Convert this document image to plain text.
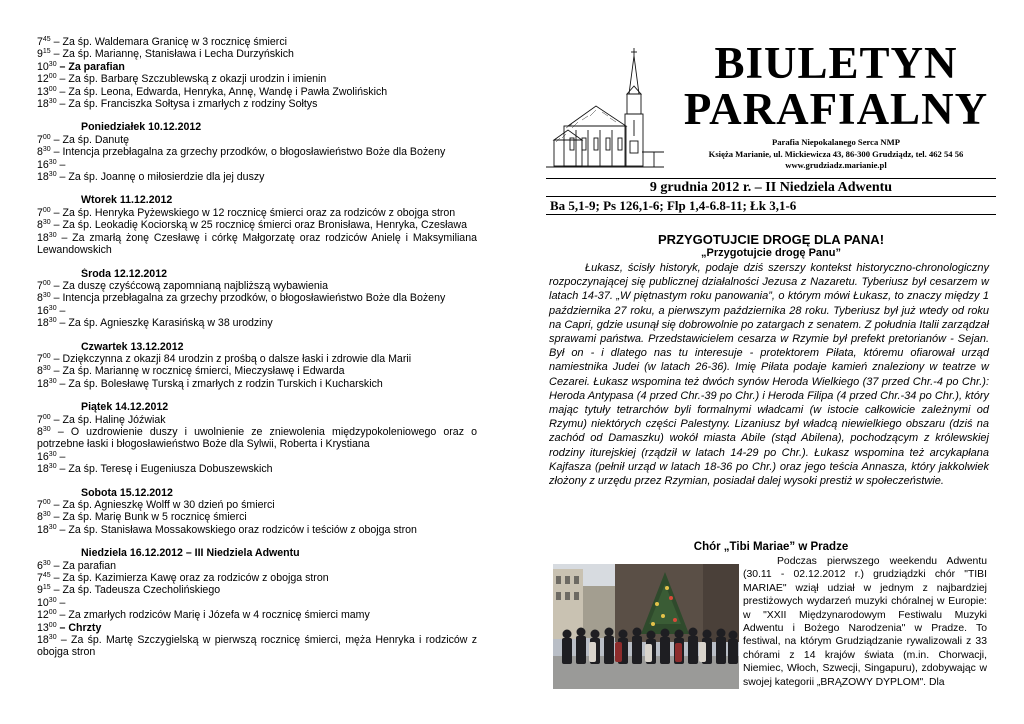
$7^{45}$ – Za śp. Waldemara Granicę w 3 rocznicę śmierci
$9^{15}$ – Za śp. Mariannę, Stanisława i Lecha Durzyńskich
$10^{30}$ – Za parafian
$12^{00}$ – Za śp. Barbarę Szczublewską z okazji urodzin i imienin
$13^{00}$ – Za śp. Leona, Edwarda, Henryka, Annę, Wandę i Pawła Zwolińskich
$18^{30}$ – Za śp. Franciszka Sołtysa i zmarłych z rodziny Sołtys
Poniedziałek 10.12.2012
$7^{00}$ – Za śp. Danutę
$8^{30}$ – Intencja przebłagalna za grzechy przodków, o błogosławieństwo Boże dla Bożeny
$16^{30}$ –
$18^{30}$ – Za śp. Joannę o miłosierdzie dla jej duszy
Wtorek 11.12.2012
$7^{00}$ – Za śp. Henryka Pyżewskiego w 12 rocznicę śmierci oraz za rodziców z obojga stron
$8^{30}$ – Za śp. Leokadię Kociorską w 25 rocznicę śmierci oraz Bronisława, Henryka, Czesława
$18^{30}$ – Za zmarłą żonę Czesławę i córkę Małgorzatę oraz rodziców Anielę i Maksymiliana Lewandowskich
Środa 12.12.2012
$7^{00}$ – Za duszę czyśćcową zapomnianą najbliższą wybawienia
$8^{30}$ – Intencja przebłagalna za grzechy przodków, o błogosławieństwo Boże dla Bożeny
$16^{30}$ –
$18^{30}$ – Za śp. Agnieszkę Karasińską w 38 urodziny
Czwartek 13.12.2012
$7^{00}$ – Dziękczynna z okazji 84 urodzin z prośbą o dalsze łaski i zdrowie dla Marii
$8^{30}$ – Za śp. Mariannę w rocznicę śmierci, Mieczysławę i Edwarda
$18^{30}$ – Za śp. Bolesławę Turską i zmarłych z rodzin Turskich i Kucharskich
Piątek 14.12.2012
$7^{00}$ – Za śp. Halinę Jóźwiak
$8^{30}$ – O uzdrowienie duszy i uwolnienie ze zniewolenia międzypokoleniowego oraz o potrzebne łaski i błogosławieństwo Boże dla Sylwii, Roberta i Krystiana
$16^{30}$ –
$18^{30}$ – Za śp. Teresę i Eugeniusza Dobuszewskich
Sobota 15.12.2012
$7^{00}$ – Za śp. Agnieszkę Wolff w 30 dzień po śmierci
$8^{30}$ – Za śp. Marię Bunk w 5 rocznicę śmierci
$18^{30}$ – Za śp. Stanisława Mossakowskiego oraz rodziców i teściów z obojga stron
Niedziela 16.12.2012 – III Niedziela Adwentu
$6^{30}$ – Za parafian
$7^{45}$ – Za śp. Kazimierza Kawę oraz za rodziców z obojga stron
$9^{15}$ – Za śp. Tadeusza Czecholińskiego
$10^{30}$ –
$12^{00}$ – Za zmarłych rodziców Marię i Józefa w 4 rocznicę śmierci mamy
$13^{00}$ – Chrzty
$18^{30}$ – Za śp. Martę Szczygielską w pierwszą rocznicę śmierci, męża Henryka i rodziców z obojga stron
BIULETYN
PARAFIALNY
Parafia Niepokalanego Serca NMP
Księża Marianie, ul. Mickiewicza 43, 86-300 Grudziądz, tel. 462 54 56
www.grudziadz.marianie.pl
9 grudnia 2012 r. – II Niedziela Adwentu
Ba 5,1-9; Ps 126,1-6; Flp 1,4-6.8-11; Łk 3,1-6
PRZYGOTUJCIE DROGĘ DLA PANA!
„Przygotujcie drogę Panu”

Łukasz, ścisły historyk, podaje dziś szerszy kontekst historyczno-chronologiczny rozpoczynającej się publicznej działalności Jezusa z Nazaretu. Tyberiusz był cesarzem w latach 14-37. „W piętnastym roku panowania”, o którym mówi Łukasz, to znaczy między 1 października 27 roku, a pierwszym października 28 roku. Tyberiusz był już wtedy od roku na Capri, gdzie usunął się dobrowolnie po zatargach z senatem. Z południa Italii zarządzał sprawami państwa. Przedstawicielem cesarza w Rzymie był prefekt pretorianów - Sejan. Był on - i dlatego nas tu interesuje - protektorem Piłata, któremu ofiarował urząd namiestnika Judei (w latach 26-36). Imię Piłata podaje kamień znaleziony w teatrze w Cezarei. Łukasz wspomina też dwóch synów Heroda Wielkiego (37 przed Chr.-4 po Chr.): Heroda Antypasa (4 przed Chr.-39 po Chr.) i Heroda Filipa (4 przed Chr.-34 po Chr.), który mając tytuły tetrarchów byli formalnymi władcami (w istocie całkowicie zależnymi od Rzymu) niektórych części Palestyny. Lizaniusz był władcą niewielkiego obszaru (dziś na zachód od Damaszku) wokół miasta Abile (stąd Abilena), pochodzącym z królewskiej rodziny iturejskiej (rządził w latach 14-29 po Chr.). Łukasz wspomina też arcykapłana Kajfasza (pełnił urząd w latach 18-36 po Chr.) oraz jego teścia Annasza, który jakkolwiek złożony z urzędu przez Rzymian, posiadał dalej wysoki prestiż w społeczeństwie.

Chór „Tibi Mariae” w Pradze

Podczas pierwszego weekendu Adwentu (30.11 - 02.12.2012 r.) grudziądzki chór "TIBI MARIAE" wziął udział w jednym z najbardziej prestiżowych wydarzeń muzyki chóralnej w Europie: w "XXII Międzynarodowym Festiwalu Muzyki Adwentu i Bożego Narodzenia" w Pradze. To festiwal, na którym Grudziądzanie rywalizowali z 33 chórami z 14 krajów świata (m.in. Chorwacji, Niemiec, Włoch, Szwecji, Singapuru), zdobywając w swojej kategorii „BRĄZOWY DYPLOM". Dla
